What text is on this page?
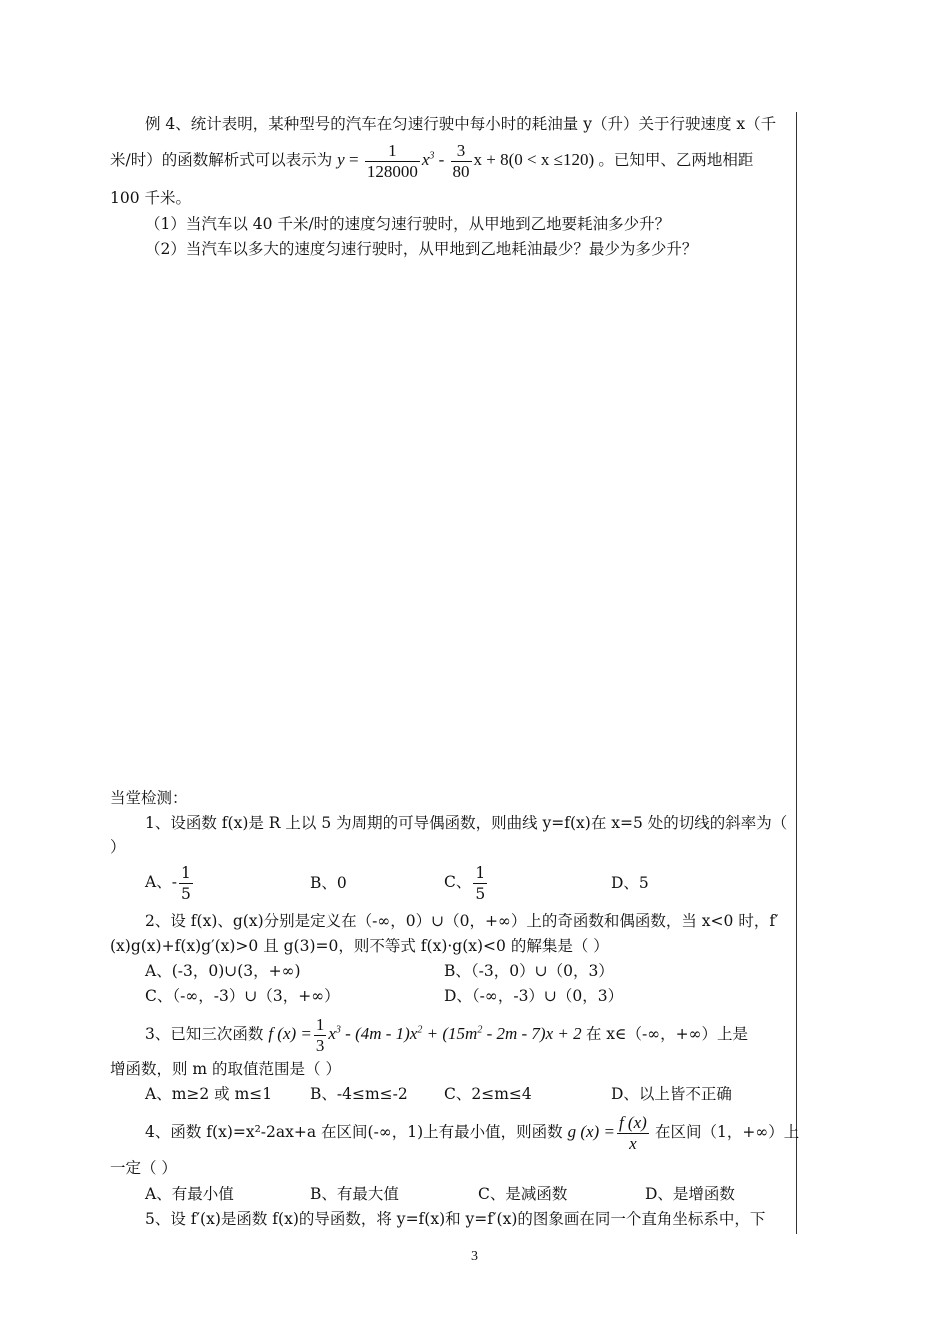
例 4、统计表明，某种型号的汽车在匀速行驶中每小时的耗油量 y（升）关于行驶速度 x（千
米/时）的函数解析式可以表示为 $y = \frac{1}{128000} x^3 - \frac{3}{80}$ x + 8(0 < x ≤120) 。已知甲、乙两地相距
100 千米。
（1）当汽车以 40 千米/时的速度匀速行驶时，从甲地到乙地要耗油多少升？
（2）当汽车以多大的速度匀速行驶时，从甲地到乙地耗油最少？最少为多少升？
当堂检测：
1、设函数 f(x)是 R 上以 5 为周期的可导偶函数，则曲线 y=f(x)在 x=5 处的切线的斜率为（
）
A、- $\frac{1}{5}$	B、0	C、 $\frac{1}{5}$	D、5
2、设 f(x)、g(x)分别是定义在（-∞，0）∪（0，+∞）上的奇函数和偶函数，当 x<0 时，f′
(x)g(x)+f(x)g′(x)>0 且 g(3)=0，则不等式 f(x)·g(x)<0 的解集是（ ）
A、(-3，0)∪(3，+∞)	B、（-3，0）∪（0，3）
C、（-∞，-3）∪（3，+∞）	D、（-∞，-3）∪（0，3）
3、已知三次函数 f $(x) = \frac{1}{3} x^3 - (4m - 1)x^2 + (15m^2 - 2m - 7)x + 2$ 在 x∈（-∞，+∞）上是
增函数，则 m 的取值范围是（ ）
A、m≥2 或 m≤1 B、-4≤m≤-2 C、2≤m≤4	D、以上皆不正确
4、函数 f(x)=x²-2ax+a 在区间(-∞，1)上有最小值，则函数 g $(x) = \frac{f (x)}{x}$ 在区间（1，+∞）上
一定（ ）
A、有最小值	B、有最大值	C、是减函数	D、是增函数
5、设 f′(x)是函数 f(x)的导函数，将 y=f(x)和 y=f′(x)的图象画在同一个直角坐标系中，下
3
